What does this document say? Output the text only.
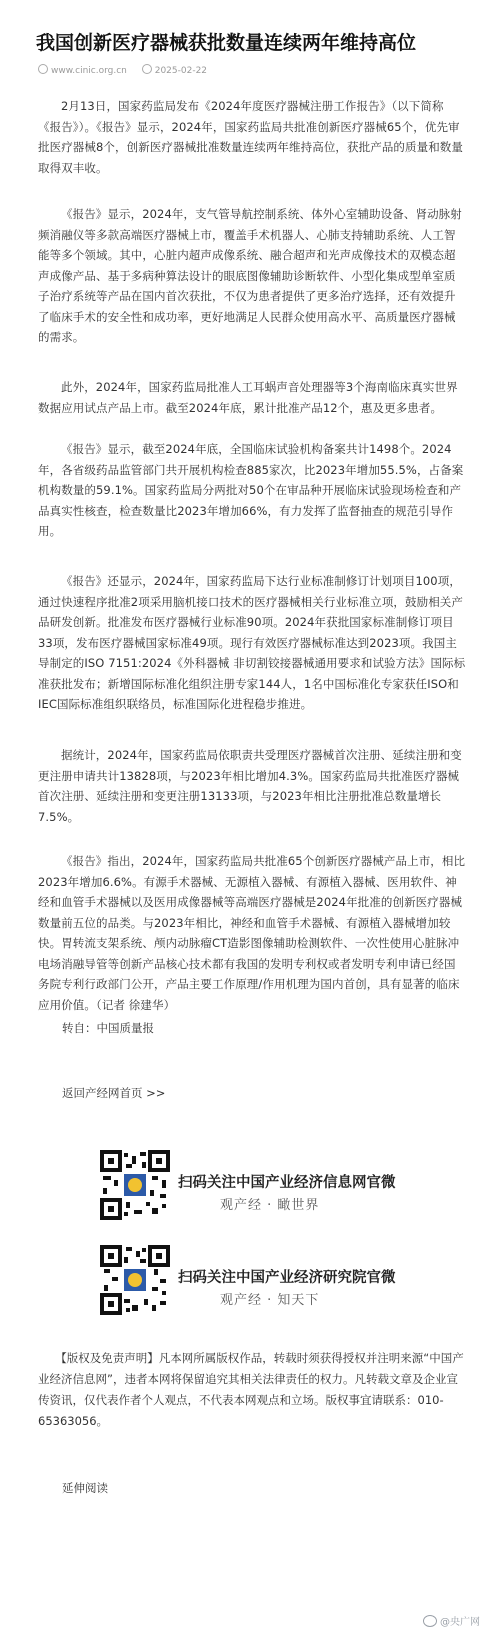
我国创新医疗器械获批数量连续两年维持高位
www.cinic.org.cn	2025-02-22

2月13日，国家药监局发布《2024年度医疗器械注册工作报告》（以下简称《报告》）。《报告》显示，2024年，国家药监局共批准创新医疗器械65个，优先审批医疗器械8个，创新医疗器械批准数量连续两年维持高位，获批产品的质量和数量取得双丰收。

《报告》显示，2024年，支气管导航控制系统、体外心室辅助设备、肾动脉射频消融仪等多款高端医疗器械上市，覆盖手术机器人、心肺支持辅助系统、人工智能等多个领域。其中，心脏内超声成像系统、融合超声和光声成像技术的双模态超声成像产品、基于多病种算法设计的眼底图像辅助诊断软件、小型化集成型单室质子治疗系统等产品在国内首次获批，不仅为患者提供了更多治疗选择，还有效提升了临床手术的安全性和成功率，更好地满足人民群众使用高水平、高质量医疗器械的需求。

此外，2024年，国家药监局批准人工耳蜗声音处理器等3个海南临床真实世界数据应用试点产品上市。截至2024年底，累计批准产品12个，惠及更多患者。

《报告》显示，截至2024年底，全国临床试验机构备案共计1498个。2024年，各省级药品监管部门共开展机构检查885家次，比2023年增加55.5%，占备案机构数量的59.1%。国家药监局分两批对50个在审品种开展临床试验现场检查和产品真实性核查，检查数量比2023年增加66%，有力发挥了监督抽查的规范引导作用。

《报告》还显示，2024年，国家药监局下达行业标准制修订计划项目100项，通过快速程序批准2项采用脑机接口技术的医疗器械相关行业标准立项，鼓励相关产品研发创新。批准发布医疗器械行业标准90项。2024年获批国家标准制修订项目33项，发布医疗器械国家标准49项。现行有效医疗器械标准达到2023项。我国主导制定的ISO 7151:2024《外科器械 非切割铰接器械通用要求和试验方法》国际标准获批发布；新增国际标准化组织注册专家144人，1名中国标准化专家获任ISO和IEC国际标准组织联络员，标准国际化进程稳步推进。

据统计，2024年，国家药监局依职责共受理医疗器械首次注册、延续注册和变更注册申请共计13828项，与2023年相比增加4.3%。国家药监局共批准医疗器械首次注册、延续注册和变更注册13133项，与2023年相比注册批准总数量增长7.5%。

《报告》指出，2024年，国家药监局共批准65个创新医疗器械产品上市，相比2023年增加6.6%。有源手术器械、无源植入器械、有源植入器械、医用软件、神经和血管手术器械以及医用成像器械等高端医疗器械是2024年批准的创新医疗器械数量前五位的品类。与2023年相比，神经和血管手术器械、有源植入器械增加较快。胃转流支架系统、颅内动脉瘤CT造影图像辅助检测软件、一次性使用心脏脉冲电场消融导管等创新产品核心技术都有我国的发明专利权或者发明专利申请已经国务院专利行政部门公开，产品主要工作原理/作用机理为国内首创，具有显著的临床应用价值。（记者 徐建华）

转自：中国质量报

返回产经网首页 >>

扫码关注中国产业经济信息网官微
观产经 · 瞰世界
扫码关注中国产业经济研究院官微
观产经 · 知天下

【版权及免责声明】凡本网所属版权作品，转载时须获得授权并注明来源“中国产业经济信息网”，违者本网将保留追究其相关法律责任的权力。凡转载文章及企业宣传资讯，仅代表作者个人观点，不代表本网观点和立场。版权事宜请联系：010-65363056。

延伸阅读

@央广网
